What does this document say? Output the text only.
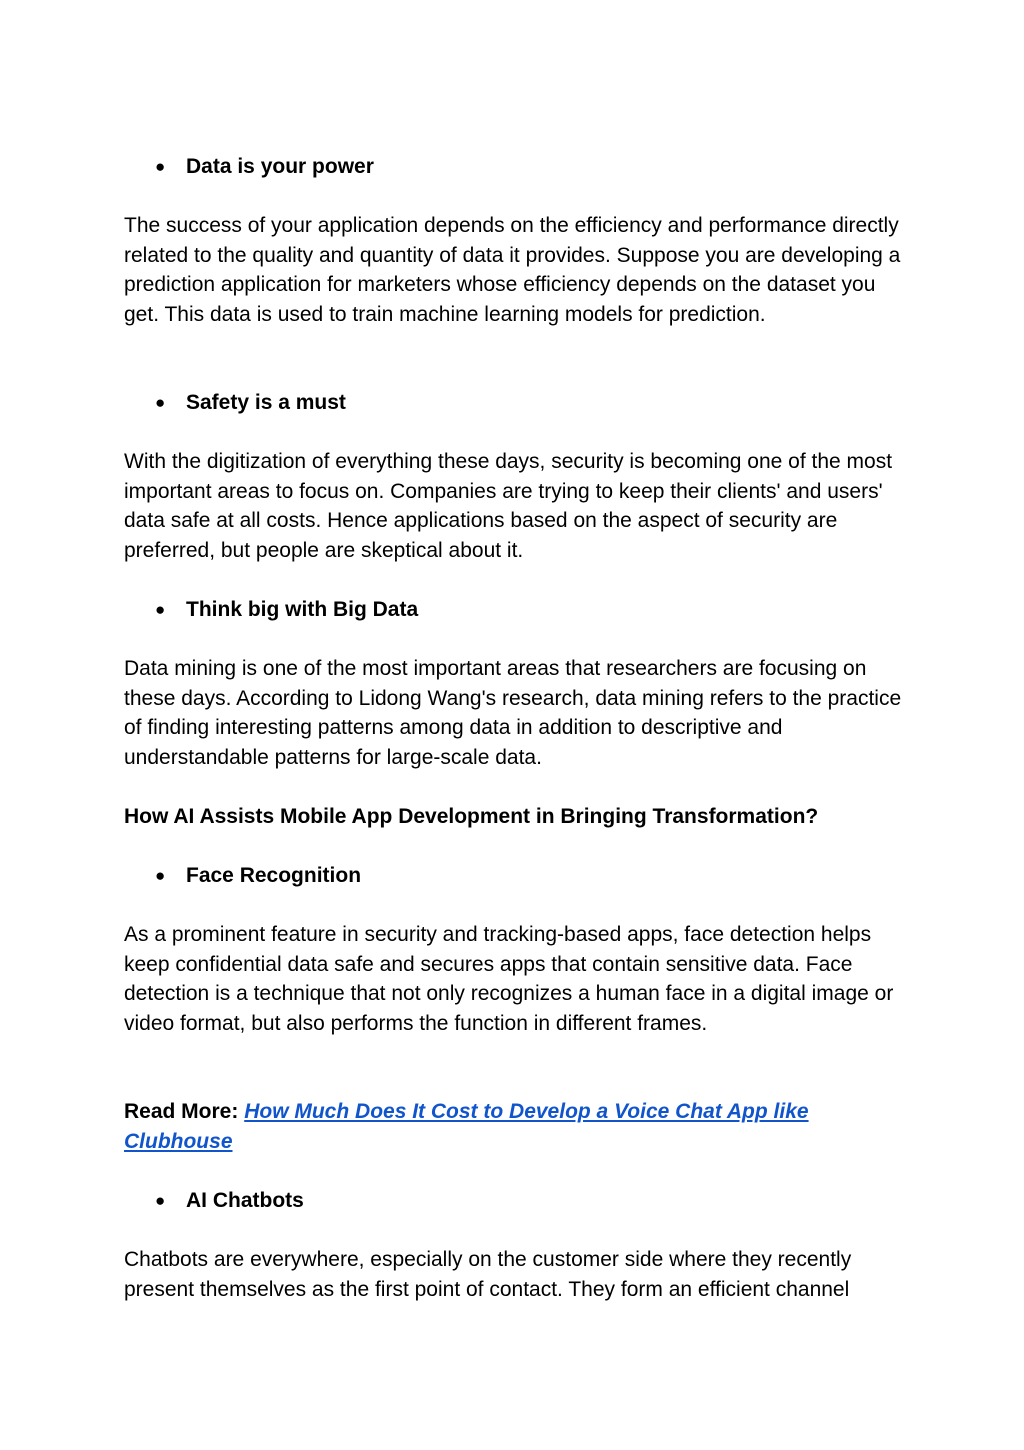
● Data is your power

The success of your application depends on the efficiency and performance directly related to the quality and quantity of data it provides. Suppose you are developing a prediction application for marketers whose efficiency depends on the dataset you get. This data is used to train machine learning models for prediction.

● Safety is a must

With the digitization of everything these days, security is becoming one of the most important areas to focus on. Companies are trying to keep their clients' and users' data safe at all costs. Hence applications based on the aspect of security are preferred, but people are skeptical about it.

● Think big with Big Data

Data mining is one of the most important areas that researchers are focusing on these days. According to Lidong Wang's research, data mining refers to the practice of finding interesting patterns among data in addition to descriptive and understandable patterns for large-scale data.

How AI Assists Mobile App Development in Bringing Transformation?

● Face Recognition

As a prominent feature in security and tracking-based apps, face detection helps keep confidential data safe and secures apps that contain sensitive data. Face detection is a technique that not only recognizes a human face in a digital image or video format, but also performs the function in different frames.

Read More: How Much Does It Cost to Develop a Voice Chat App like Clubhouse

● AI Chatbots

Chatbots are everywhere, especially on the customer side where they recently present themselves as the first point of contact. They form an efficient channel
